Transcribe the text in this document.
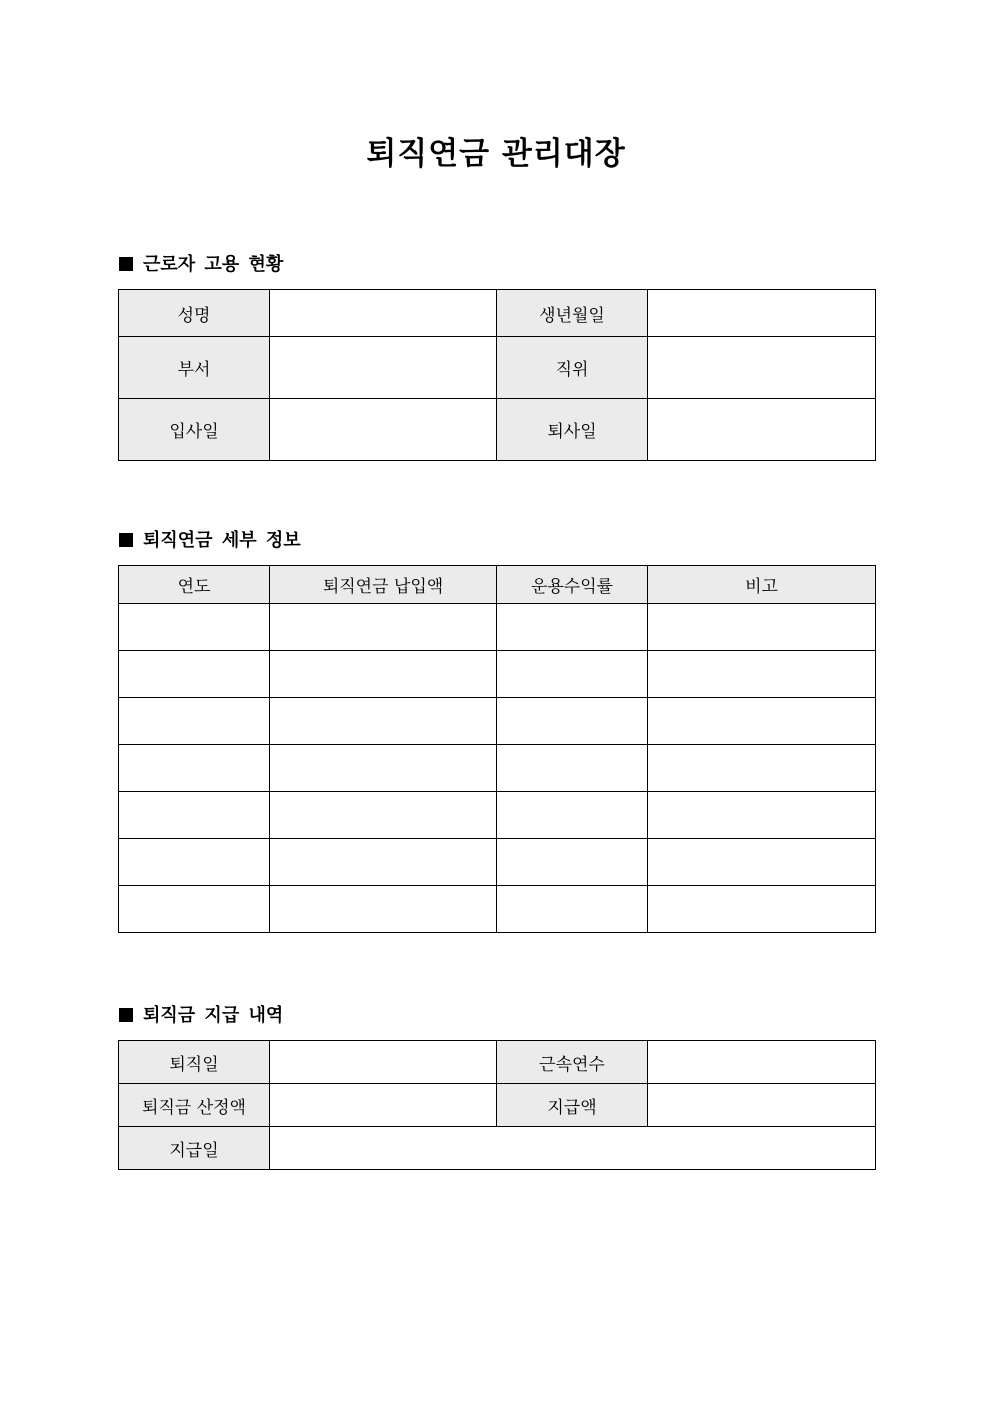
퇴직연금 관리대장
근로자 고용 현황
성명		생년월일	
부서		직위	
입사일		퇴사일	
퇴직연금 세부 정보
연도	퇴직연금 납입액	운용수익률	비고

퇴직금 지급 내역
퇴직일		근속연수	
퇴직금 산정액		지급액	
지급일			
